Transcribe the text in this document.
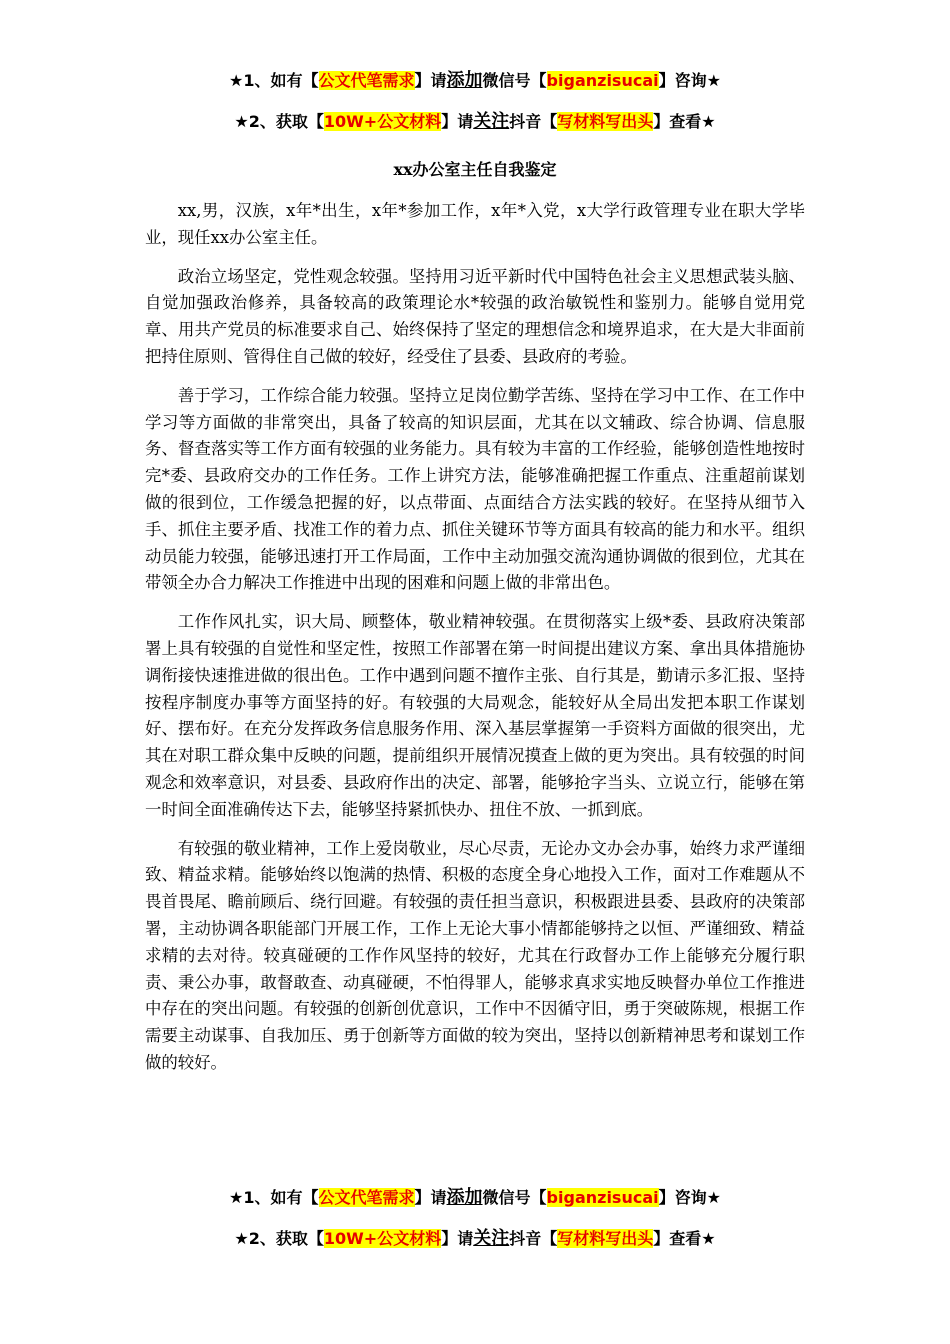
★1、如有【公文代笔需求】请添加微信号【biganzisucai】咨询★
★2、获取【10W+公文材料】请关注抖音【写材料写出头】查看★
xx办公室主任自我鉴定

xx,男，汉族，x年*出生，x年*参加工作，x年*入党，x大学行政管理专业在职大学毕业，现任xx办公室主任。

政治立场坚定，党性观念较强。坚持用习近平新时代中国特色社会主义思想武装头脑、自觉加强政治修养，具备较高的政策理论水*较强的政治敏锐性和鉴别力。能够自觉用党章、用共产党员的标准要求自己、始终保持了坚定的理想信念和境界追求，在大是大非面前把持住原则、管得住自己做的较好，经受住了县委、县政府的考验。

善于学习，工作综合能力较强。坚持立足岗位勤学苦练、坚持在学习中工作、在工作中学习等方面做的非常突出，具备了较高的知识层面，尤其在以文辅政、综合协调、信息服务、督查落实等工作方面有较强的业务能力。具有较为丰富的工作经验，能够创造性地按时完*委、县政府交办的工作任务。工作上讲究方法，能够准确把握工作重点、注重超前谋划做的很到位，工作缓急把握的好，以点带面、点面结合方法实践的较好。在坚持从细节入手、抓住主要矛盾、找准工作的着力点、抓住关键环节等方面具有较高的能力和水平。组织动员能力较强，能够迅速打开工作局面，工作中主动加强交流沟通协调做的很到位，尤其在带领全办合力解决工作推进中出现的困难和问题上做的非常出色。

工作作风扎实，识大局、顾整体，敬业精神较强。在贯彻落实上级*委、县政府决策部署上具有较强的自觉性和坚定性，按照工作部署在第一时间提出建议方案、拿出具体措施协调衔接快速推进做的很出色。工作中遇到问题不擅作主张、自行其是，勤请示多汇报、坚持按程序制度办事等方面坚持的好。有较强的大局观念，能较好从全局出发把本职工作谋划好、摆布好。在充分发挥政务信息服务作用、深入基层掌握第一手资料方面做的很突出，尤其在对职工群众集中反映的问题，提前组织开展情况摸查上做的更为突出。具有较强的时间观念和效率意识，对县委、县政府作出的决定、部署，能够抢字当头、立说立行，能够在第一时间全面准确传达下去，能够坚持紧抓快办、扭住不放、一抓到底。

有较强的敬业精神，工作上爱岗敬业，尽心尽责，无论办文办会办事，始终力求严谨细致、精益求精。能够始终以饱满的热情、积极的态度全身心地投入工作，面对工作难题从不畏首畏尾、瞻前顾后、绕行回避。有较强的责任担当意识，积极跟进县委、县政府的决策部署，主动协调各职能部门开展工作，工作上无论大事小情都能够持之以恒、严谨细致、精益求精的去对待。较真碰硬的工作作风坚持的较好，尤其在行政督办工作上能够充分履行职责、秉公办事，敢督敢查、动真碰硬，不怕得罪人，能够求真求实地反映督办单位工作推进中存在的突出问题。有较强的创新创优意识，工作中不因循守旧，勇于突破陈规，根据工作需要主动谋事、自我加压、勇于创新等方面做的较为突出，坚持以创新精神思考和谋划工作做的较好。

★1、如有【公文代笔需求】请添加微信号【biganzisucai】咨询★
★2、获取【10W+公文材料】请关注抖音【写材料写出头】查看★
